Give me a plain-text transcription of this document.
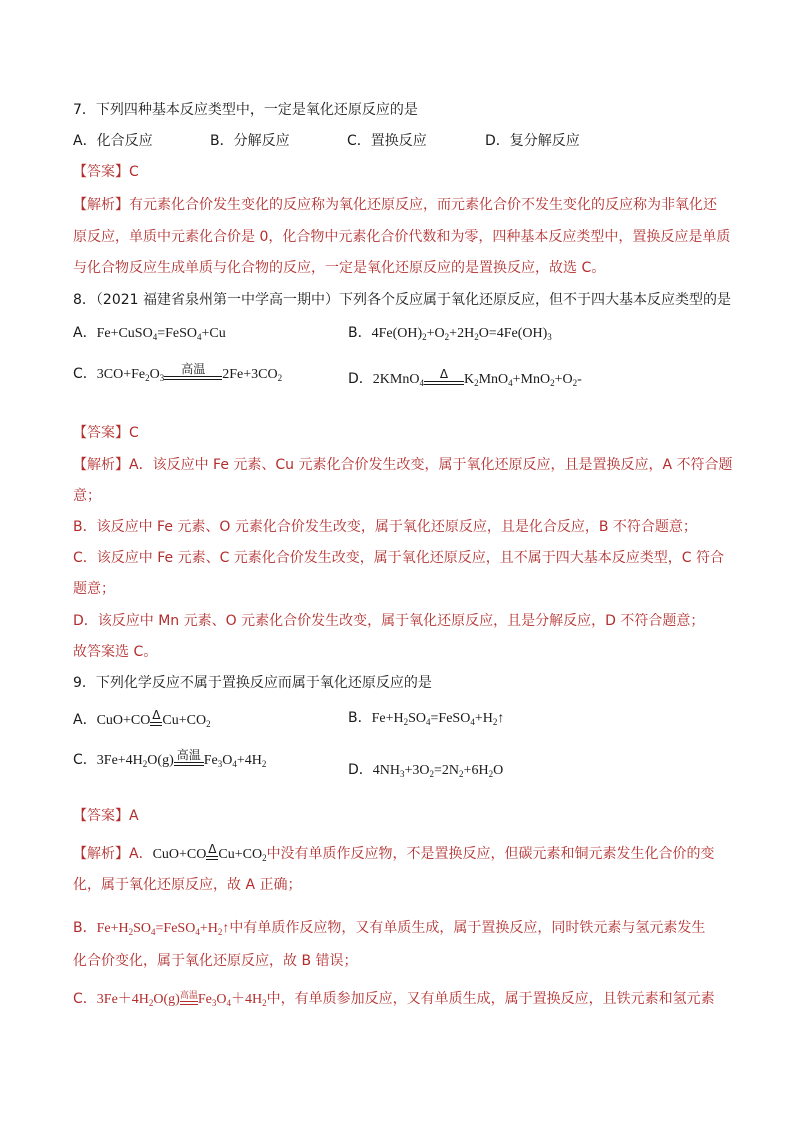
7．下列四种基本反应类型中，一定是氧化还原反应的是
A．化合反应	B．分解反应	C．置换反应	D．复分解反应
【答案】C
【解析】有元素化合价发生变化的反应称为氧化还原反应，而元素化合价不发生变化的反应称为非氧化还
原反应，单质中元素化合价是 0，化合物中元素化合价代数和为零，四种基本反应类型中，置换反应是单质
与化合物反应生成单质与化合物的反应，一定是氧化还原反应的是置换反应，故选 C。
8．（2021 福建省泉州第一中学高一期中）下列各个反应属于氧化还原反应，但不于四大基本反应类型的是
A．Fe+CuSO$_4$=FeSO$_4$+Cu	B．$4Fe(OH)_2+O_2+2H_2O=4Fe(OH)_3$
C．$3CO+Fe_2O_3$
高温	$2Fe+3CO_2$	D．2KMnO$_4$
Δ	$K_2MnO_4+MnO_2+O_2-$
【答案】C
【解析】A．该反应中 Fe 元素、Cu 元素化合价发生改变，属于氧化还原反应，且是置换反应，A 不符合题
意；
B．该反应中 Fe 元素、O 元素化合价发生改变，属于氧化还原反应，且是化合反应，B 不符合题意；
C．该反应中 Fe 元素、C 元素化合价发生改变，属于氧化还原反应，且不属于四大基本反应类型，C 符合
题意；
D．该反应中 Mn 元素、O 元素化合价发生改变，属于氧化还原反应，且是分解反应，D 不符合题意；
故答案选 C。
9．下列化学反应不属于置换反应而属于氧化还原反应的是
A．CuO+CO Δ $Cu+CO_2$	B．$Fe+H_2SO_4=FeSO_4+H_2↑$
C．$3Fe+4H_2O(g)$ 高温 $Fe_3O_4+4H_2$	D．$4NH_3+3O_2=2N_2+6H_2O$
【答案】A
【解析】A．CuO+CO Δ $Cu+CO_2$中没有单质作反应物，不是置换反应，但碳元素和铜元素发生化合价的变
化，属于氧化还原反应，故 A 正确；
B．$Fe+H_2SO_4=FeSO_4+H_2↑$中有单质作反应物，又有单质生成，属于置换反应，同时铁元素与氢元素发生
化合价变化，属于氧化还原反应，故 B 错误；
C．$3Fe+4H_2O(g)$ 高温 $Fe_3O_4+4H_2$中，有单质参加反应，又有单质生成，属于置换反应，且铁元素和氢元素
